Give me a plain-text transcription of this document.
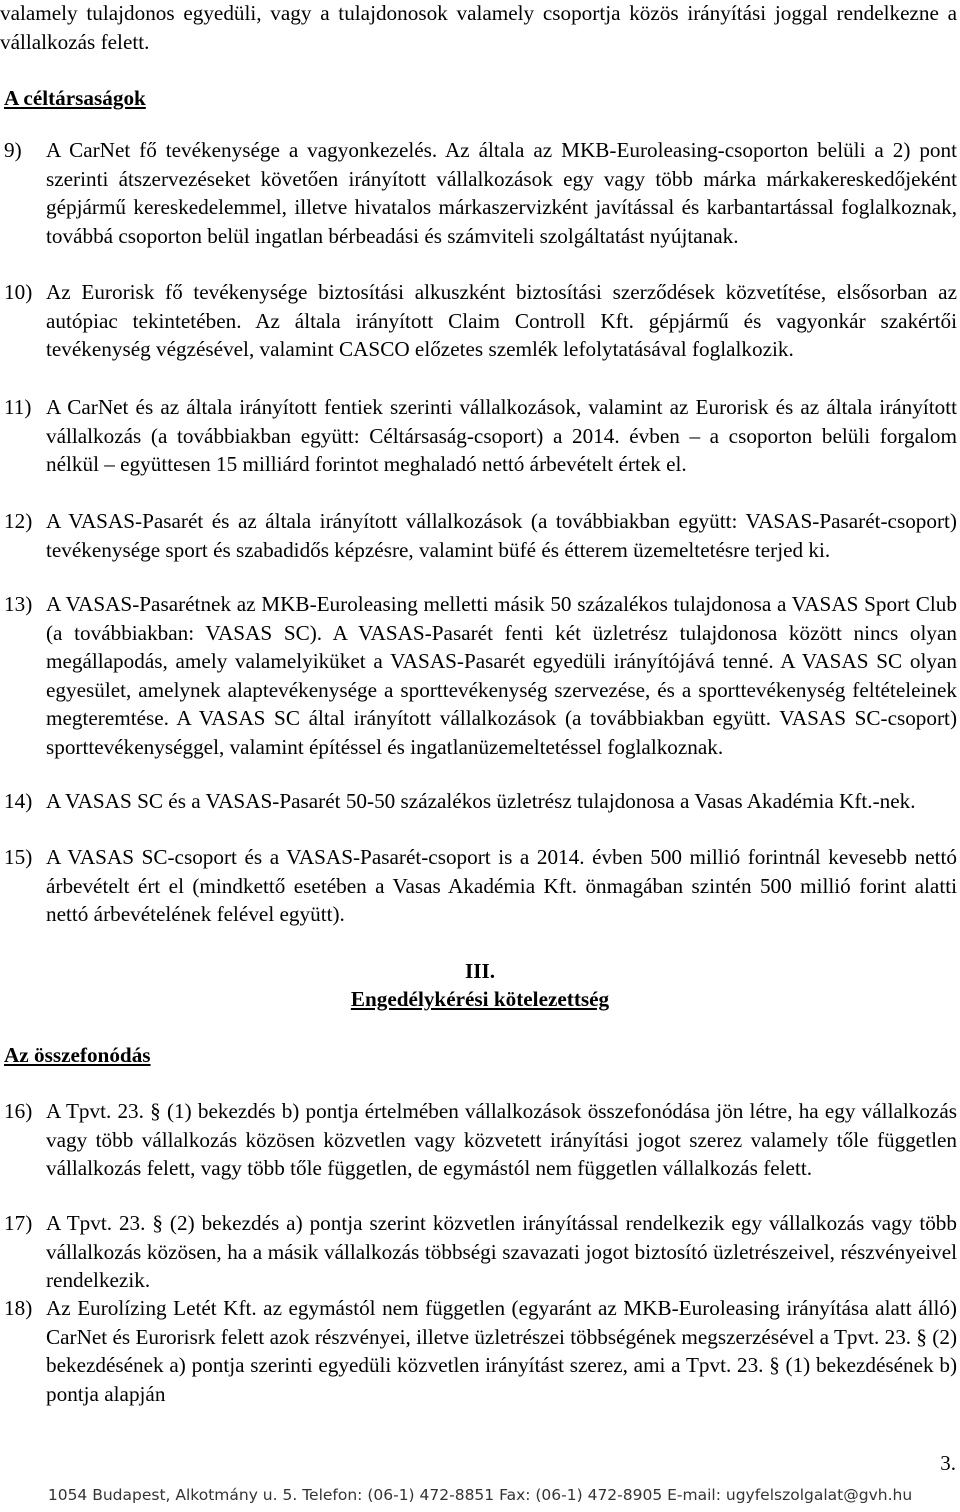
valamely tulajdonos egyedüli, vagy a tulajdonosok valamely csoportja közös irányítási joggal rendelkezne a vállalkozás felett.

A céltársaságok
9) A CarNet fő tevékenysége a vagyonkezelés. Az általa az MKB-Euroleasing-csoporton belüli a 2) pont szerinti átszervezéseket követően irányított vállalkozások egy vagy több márka márkakereskedőjeként gépjármű kereskedelemmel, illetve hivatalos márkaszervizként javítással és karbantartással foglalkoznak, továbbá csoporton belül ingatlan bérbeadási és számviteli szolgáltatást nyújtanak.
10) Az Eurorisk fő tevékenysége biztosítási alkuszként biztosítási szerződések közvetítése, elsősorban az autópiac tekintetében. Az általa irányított Claim Controll Kft. gépjármű és vagyonkár szakértői tevékenység végzésével, valamint CASCO előzetes szemlék lefolytatásával foglalkozik.
11) A CarNet és az általa irányított fentiek szerinti vállalkozások, valamint az Eurorisk és az általa irányított vállalkozás (a továbbiakban együtt: Céltársaság-csoport) a 2014. évben – a csoporton belüli forgalom nélkül – együttesen 15 milliárd forintot meghaladó nettó árbevételt értek el.
12) A VASAS-Pasarét és az általa irányított vállalkozások (a továbbiakban együtt: VASAS-Pasarét-csoport) tevékenysége sport és szabadidős képzésre, valamint büfé és étterem üzemeltetésre terjed ki.
13) A VASAS-Pasarétnek az MKB-Euroleasing melletti másik 50 százalékos tulajdonosa a VASAS Sport Club (a továbbiakban: VASAS SC). A VASAS-Pasarét fenti két üzletrész tulajdonosa között nincs olyan megállapodás, amely valamelyiküket a VASAS-Pasarét egyedüli irányítójává tenné. A VASAS SC olyan egyesület, amelynek alaptevékenysége a sporttevékenység szervezése, és a sporttevékenység feltételeinek megteremtése. A VASAS SC által irányított vállalkozások (a továbbiakban együtt. VASAS SC-csoport) sporttevékenységgel, valamint építéssel és ingatlanüzemeltetéssel foglalkoznak.
14) A VASAS SC és a VASAS-Pasarét 50-50 százalékos üzletrész tulajdonosa a Vasas Akadémia Kft.-nek.
15) A VASAS SC-csoport és a VASAS-Pasarét-csoport is a 2014. évben 500 millió forintnál kevesebb nettó árbevételt ért el (mindkettő esetében a Vasas Akadémia Kft. önmagában szintén 500 millió forint alatti nettó árbevételének felével együtt).
III.
Engedélykérési kötelezettség
Az összefonódás
16) A Tpvt. 23. § (1) bekezdés b) pontja értelmében vállalkozások összefonódása jön létre, ha egy vállalkozás vagy több vállalkozás közösen közvetlen vagy közvetett irányítási jogot szerez valamely tőle független vállalkozás felett, vagy több tőle független, de egymástól nem független vállalkozás felett.
17) A Tpvt. 23. § (2) bekezdés a) pontja szerint közvetlen irányítással rendelkezik egy vállalkozás vagy több vállalkozás közösen, ha a másik vállalkozás többségi szavazati jogot biztosító üzletrészeivel, részvényeivel rendelkezik.
18) Az Eurolízing Letét Kft. az egymástól nem független (egyaránt az MKB-Euroleasing irányítása alatt álló) CarNet és Eurorisrk felett azok részvényei, illetve üzletrészei többségének megszerzésével a Tpvt. 23. § (2) bekezdésének a) pontja szerinti egyedüli közvetlen irányítást szerez, ami a Tpvt. 23. § (1) bekezdésének b) pontja alapján
3.
1054 Budapest, Alkotmány u. 5. Telefon: (06-1) 472-8851 Fax: (06-1) 472-8905 E-mail: ugyfelszolgalat@gvh.hu
